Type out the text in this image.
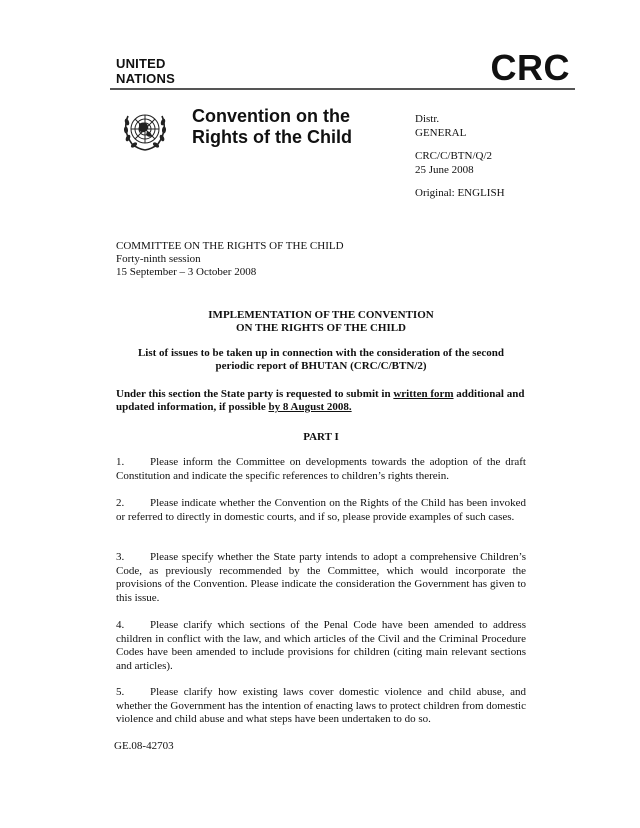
UNITED
NATIONS	CRC
Convention on the
Rights of the Child

Distr.
GENERAL

CRC/C/BTN/Q/2
25 June 2008

Original: ENGLISH

COMMITTEE ON THE RIGHTS OF THE CHILD
Forty-ninth session
15 September – 3 October 2008
IMPLEMENTATION OF THE CONVENTION
ON THE RIGHTS OF THE CHILD
List of issues to be taken up in connection with the consideration of the second
periodic report of BHUTAN (CRC/C/BTN/2)
Under this section the State party is requested to submit in written form additional and updated information, if possible by 8 August 2008.
PART I
1. Please inform the Committee on developments towards the adoption of the draft Constitution and indicate the specific references to children’s rights therein.
2. Please indicate whether the Convention on the Rights of the Child has been invoked or referred to directly in domestic courts, and if so, please provide examples of such cases.
3. Please specify whether the State party intends to adopt a comprehensive Children’s Code, as previously recommended by the Committee, which would incorporate the provisions of the Convention. Please indicate the consideration the Government has given to this issue.
4. Please clarify which sections of the Penal Code have been amended to address children in conflict with the law, and which articles of the Civil and the Criminal Procedure Codes have been amended to include provisions for children (citing main relevant sections and articles).
5. Please clarify how existing laws cover domestic violence and child abuse, and whether the Government has the intention of enacting laws to protect children from domestic violence and child abuse and what steps have been undertaken to do so.
GE.08-42703
